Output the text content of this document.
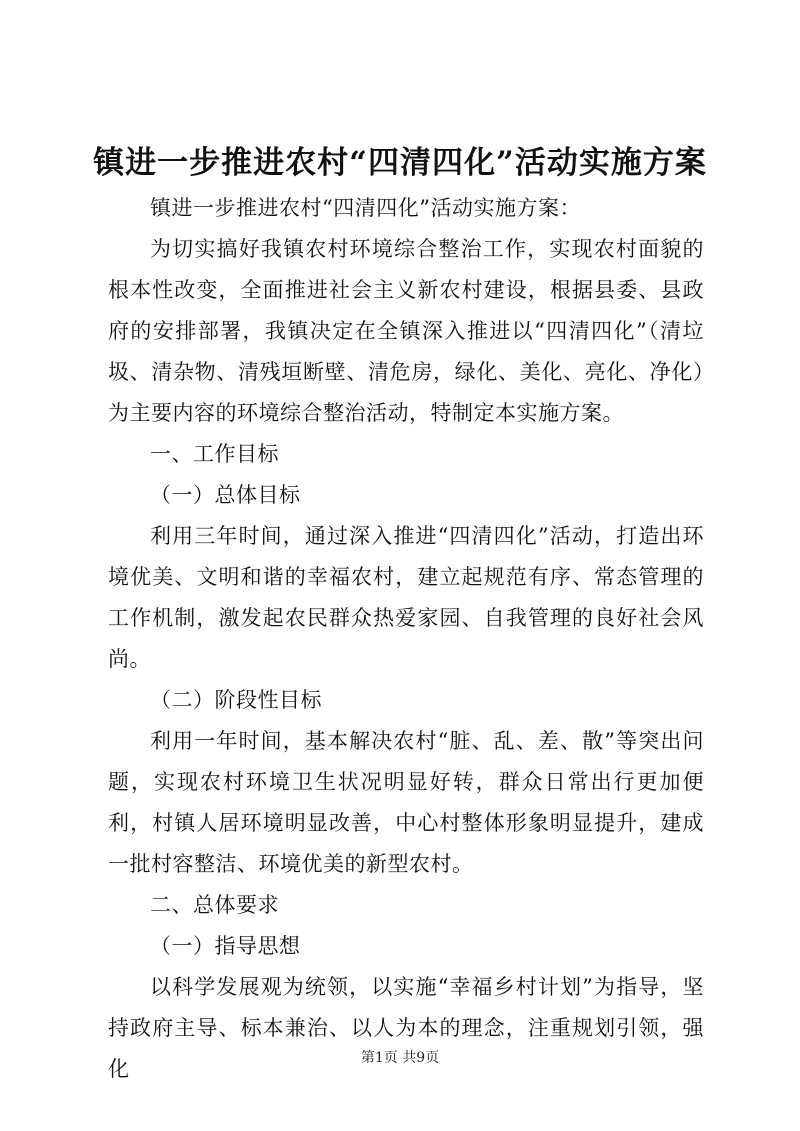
镇进一步推进农村“四清四化”活动实施方案

镇进一步推进农村“四清四化”活动实施方案：

为切实搞好我镇农村环境综合整治工作，实现农村面貌的根本性改变，全面推进社会主义新农村建设，根据县委、县政府的安排部署，我镇决定在全镇深入推进以“四清四化”（清垃圾、清杂物、清残垣断壁、清危房，绿化、美化、亮化、净化）为主要内容的环境综合整治活动，特制定本实施方案。

一、工作目标

（一）总体目标

利用三年时间，通过深入推进“四清四化”活动，打造出环境优美、文明和谐的幸福农村，建立起规范有序、常态管理的工作机制，激发起农民群众热爱家园、自我管理的良好社会风尚。

（二）阶段性目标

利用一年时间，基本解决农村“脏、乱、差、散”等突出问题，实现农村环境卫生状况明显好转，群众日常出行更加便利，村镇人居环境明显改善，中心村整体形象明显提升，建成一批村容整洁、环境优美的新型农村。

二、总体要求

（一）指导思想

以科学发展观为统领，以实施“幸福乡村计划”为指导，坚持政府主导、标本兼治、以人为本的理念，注重规划引领，强化	第1页 共9页
